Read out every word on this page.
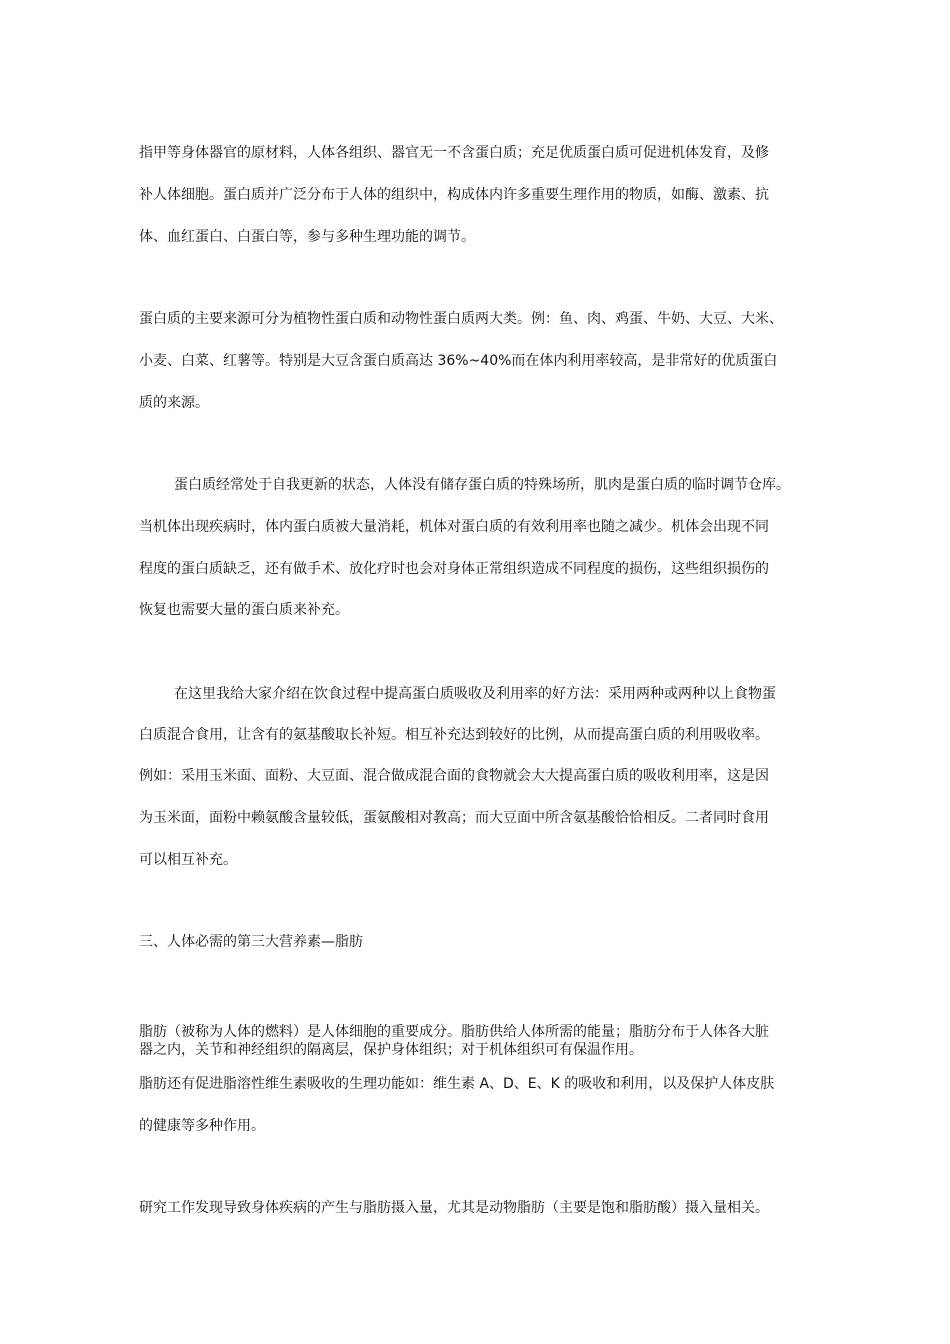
指甲等身体器官的原材料，人体各组织、器官无一不含蛋白质；充足优质蛋白质可促进机体发育，及修
补人体细胞。蛋白质并广泛分布于人体的组织中，构成体内许多重要生理作用的物质，如酶、激素、抗
体、血红蛋白、白蛋白等，参与多种生理功能的调节。
蛋白质的主要来源可分为植物性蛋白质和动物性蛋白质两大类。例：鱼、肉、鸡蛋、牛奶、大豆、大米、
小麦、白菜、红薯等。特别是大豆含蛋白质高达 36%~40%而在体内利用率较高，是非常好的优质蛋白
质的来源。
蛋白质经常处于自我更新的状态，人体没有储存蛋白质的特殊场所，肌肉是蛋白质的临时调节仓库。
当机体出现疾病时，体内蛋白质被大量消耗，机体对蛋白质的有效利用率也随之减少。机体会出现不同
程度的蛋白质缺乏，还有做手术、放化疗时也会对身体正常组织造成不同程度的损伤，这些组织损伤的
恢复也需要大量的蛋白质来补充。
在这里我给大家介绍在饮食过程中提高蛋白质吸收及利用率的好方法：采用两种或两种以上食物蛋
白质混合食用，让含有的氨基酸取长补短。相互补充达到较好的比例，从而提高蛋白质的利用吸收率。
例如：采用玉米面、面粉、大豆面、混合做成混合面的食物就会大大提高蛋白质的吸收利用率，这是因
为玉米面，面粉中赖氨酸含量较低，蛋氨酸相对教高；而大豆面中所含氨基酸恰恰相反。二者同时食用
可以相互补充。
三、人体必需的第三大营养素—脂肪
脂肪（被称为人体的燃料）是人体细胞的重要成分。脂肪供给人体所需的能量；脂肪分布于人体各大脏
器之内，关节和神经组织的隔离层，保护身体组织；对于机体组织可有保温作用。
脂肪还有促进脂溶性维生素吸收的生理功能如：维生素 A、D、E、K 的吸收和利用，以及保护人体皮肤
的健康等多种作用。
研究工作发现导致身体疾病的产生与脂肪摄入量，尤其是动物脂肪（主要是饱和脂肪酸）摄入量相关。
